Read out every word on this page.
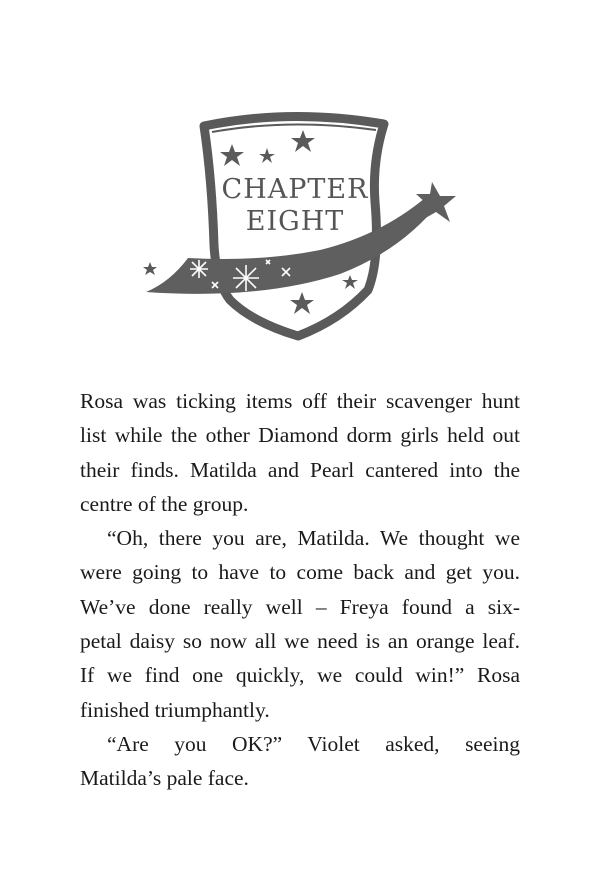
CHAPTER
EIGHT

Rosa was ticking items off their scavenger hunt
list while the other Diamond dorm girls held out
their finds. Matilda and Pearl cantered into the
centre of the group.

“Oh, there you are, Matilda. We thought we
were going to have to come back and get you.
We’ve done really well – Freya found a six-
petal daisy so now all we need is an orange leaf.
If we find one quickly, we could win!” Rosa
finished triumphantly.

“Are you OK?” Violet asked, seeing
Matilda’s pale face.
